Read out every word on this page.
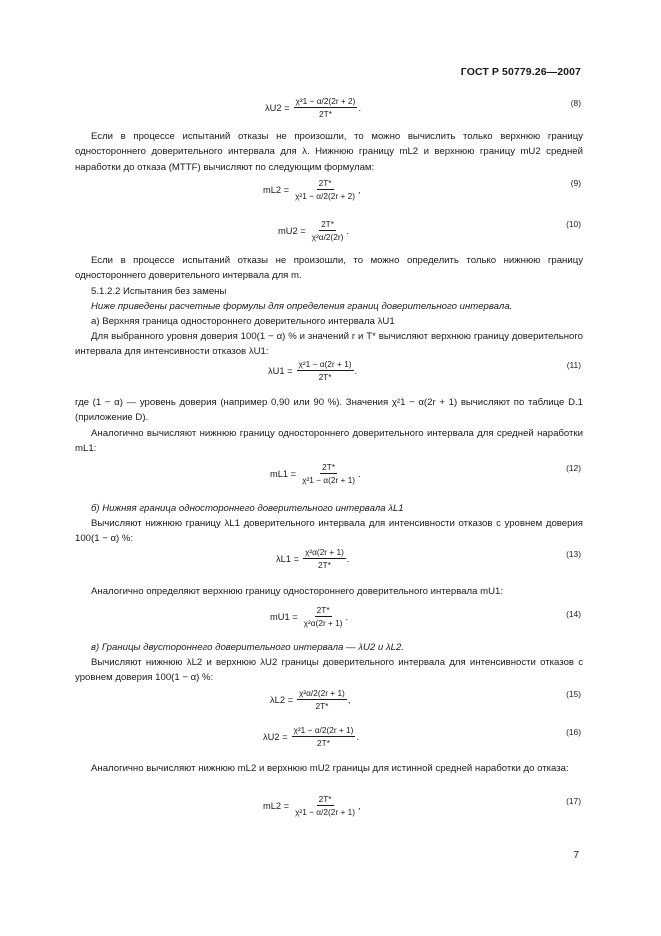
ГОСТ Р 50779.26—2007
$\lambda U2 = \frac{\text{χ²1 − α/2(2r + 2)}}{2T*}$ .	(8)
Если в процессе испытаний отказы не произошли, то можно вычислить только верхнюю границу одностороннего доверительного интервала для λ. Нижнюю границу mL2 и верхнюю границу mU2 средней наработки до отказа (MTTF) вычисляют по следующим формулам:
$mL2 = \frac{2T*}{\text{χ²1 − α/2(2r + 2)}}$ ,
(9)
$mU2 = \frac{2T*}{\text{χ²α/2(2r)}}$ .
(10)
Если в процессе испытаний отказы не произошли, то можно определить только нижнюю границу одностороннего доверительного интервала для m.
5.1.2.2 Испытания без замены
Ниже приведены расчетные формулы для определения границ доверительного интервала.
а) Верхняя граница одностороннего доверительного интервала λU1
Для выбранного уровня доверия 100(1 − α) % и значений r и T* вычисляют верхнюю границу доверительного интервала для интенсивности отказов λU1:
$\lambda U1 = \frac{\text{χ²1 − α(2r + 1)}}{2T*}$ .
(11)
где (1 − α) — уровень доверия (например 0,90 или 90 %). Значения χ²1 − α(2r + 1) вычисляют по таблице D.1 (приложение D).
Аналогично вычисляют нижнюю границу одностороннего доверительного интервала для средней наработки mL1:
$mL1 = \frac{2T*}{\text{χ²1 − α(2r + 1)}}$ .
(12)
б) Нижняя граница одностороннего доверительного интервала λL1
Вычисляют нижнюю границу λL1 доверительного интервала для интенсивности отказов с уровнем доверия 100(1 − α) %:
$\lambda L1 = \frac{\text{χ²α(2r + 1)}}{2T*}$ .	(13)
Аналогично определяют верхнюю границу одностороннего доверительного интервала mU1:
$mU1 = \frac{2T*}{\text{χ²α(2r + 1)}}$ .	(14)
в) Границы двустороннего доверительного интервала — λU2 и λL2.
Вычисляют нижнюю λL2 и верхнюю λU2 границы доверительного интервала для интенсивности отказов с уровнем доверия 100(1 − α) %:
$\lambda L2 = \frac{\text{χ²α/2(2r + 1)}}{2T*}$ ,
(15)
$\lambda U2 = \frac{\text{χ²1 − α/2(2r + 1)}}{2T*}$ .	(16)
Аналогично вычисляют нижнюю mL2 и верхнюю mU2 границы для истинной средней наработки до отказа:
$mL2 = \frac{2T*}{\text{χ²1 − α/2(2r + 1)}}$ ,	(17)
7
